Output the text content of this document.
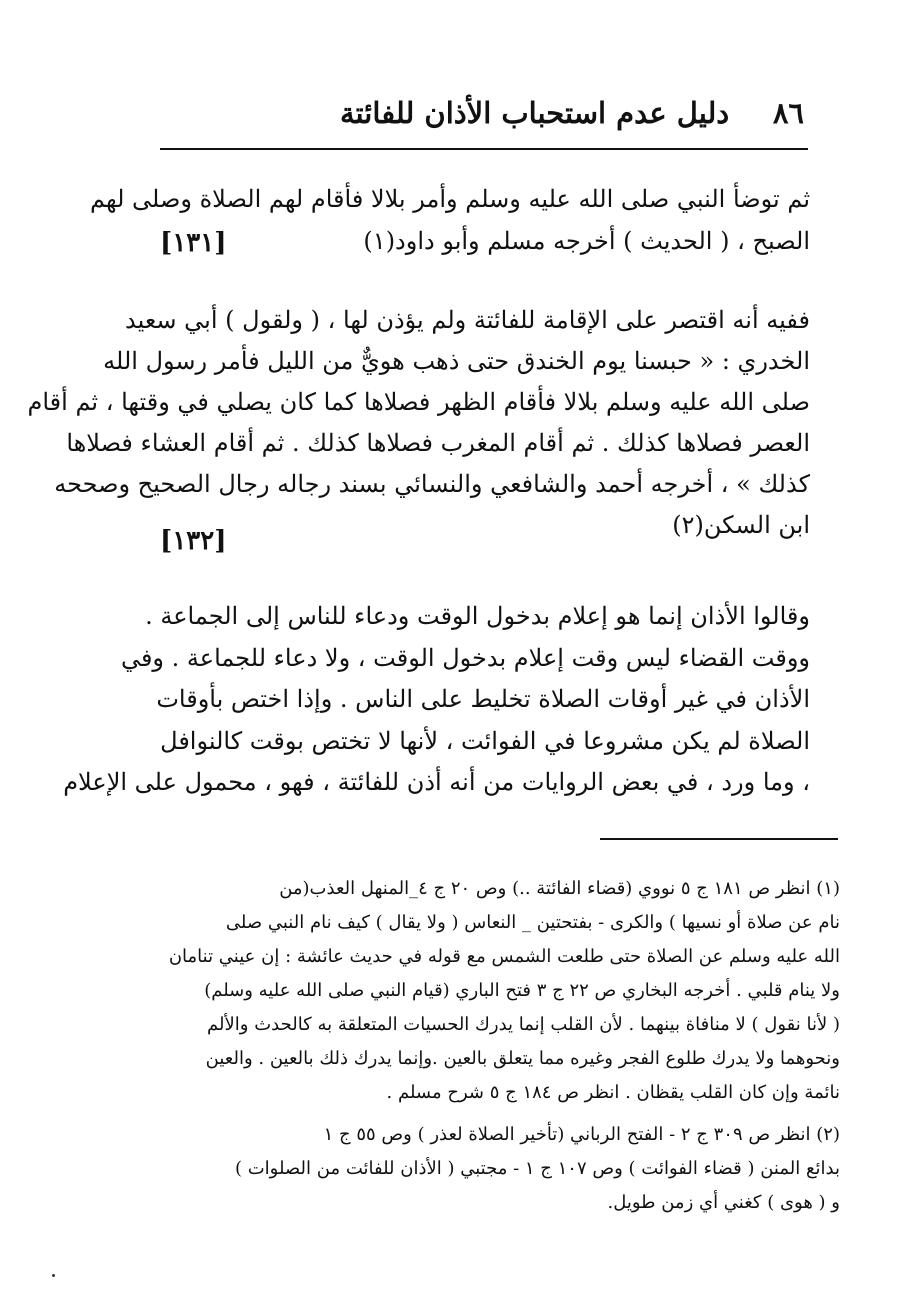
دليل عدم استحباب الأذان للفائتة ٨٦
ثم توضأ النبي صلى الله عليه وسلم وأمر بلالا فأقام لهم الصلاة وصلى لهم
الصبح ، ( الحديث ) أخرجه مسلم وأبو داود(١)
[١٣١]
ففيه أنه اقتصر على الإقامة للفائتة ولم يؤذن لها ، ( ولقول ) أبي سعيد
الخدري : « حبسنا يوم الخندق حتى ذهب هويٌّ من الليل فأمر رسول الله
صلى الله عليه وسلم بلالا فأقام الظهر فصلاها كما كان يصلي في وقتها ، ثم أقام
العصر فصلاها كذلك . ثم أقام المغرب فصلاها كذلك . ثم أقام العشاء فصلاها
كذلك » ، أخرجه أحمد والشافعي والنسائي بسند رجاله رجال الصحيح وصححه
ابن السكن(٢)
[١٣٢]
وقالوا الأذان إنما هو إعلام بدخول الوقت ودعاء للناس إلى الجماعة .
ووقت القضاء ليس وقت إعلام بدخول الوقت ، ولا دعاء للجماعة . وفي
الأذان في غير أوقات الصلاة تخليط على الناس . وإذا اختص بأوقات
الصلاة لم يكن مشروعا في الفوائت ، لأنها لا تختص بوقت كالنوافل
، وما ورد ، في بعض الروايات من أنه أذن للفائتة ، فهو ، محمول على الإعلام
(١) انظر ص ١٨١ ج ٥ نووي (قضاء الفائتة ..) وص ٢٠ ج ٤_المنهل العذب(من
نام عن صلاة أو نسيها ) والكرى - بفتحتين _ النعاس ( ولا يقال ) كيف نام النبي صلى
الله عليه وسلم عن الصلاة حتى طلعت الشمس مع قوله في حديث عائشة : إن عيني تنامان
ولا ينام قلبي . أخرجه البخاري ص ٢٢ ج ٣ فتح الباري (قيام النبي صلى الله عليه وسلم)
( لأنا نقول ) لا منافاة بينهما . لأن القلب إنما يدرك الحسيات المتعلقة به كالحدث والألم
ونحوهما ولا يدرك طلوع الفجر وغيره مما يتعلق بالعين .وإنما يدرك ذلك بالعين . والعين
نائمة وإن كان القلب يقظان . انظر ص ١٨٤ ج ٥ شرح مسلم .
(٢) انظر ص ٣٠٩ ج ٢ - الفتح الرباني (تأخير الصلاة لعذر ) وص ٥٥ ج ١
بدائع المنن ( قضاء الفوائت ) وص ١٠٧ ج ١ - مجتبي ( الأذان للفائت من الصلوات )
و ( هوى ) كغني أي زمن طويل.
